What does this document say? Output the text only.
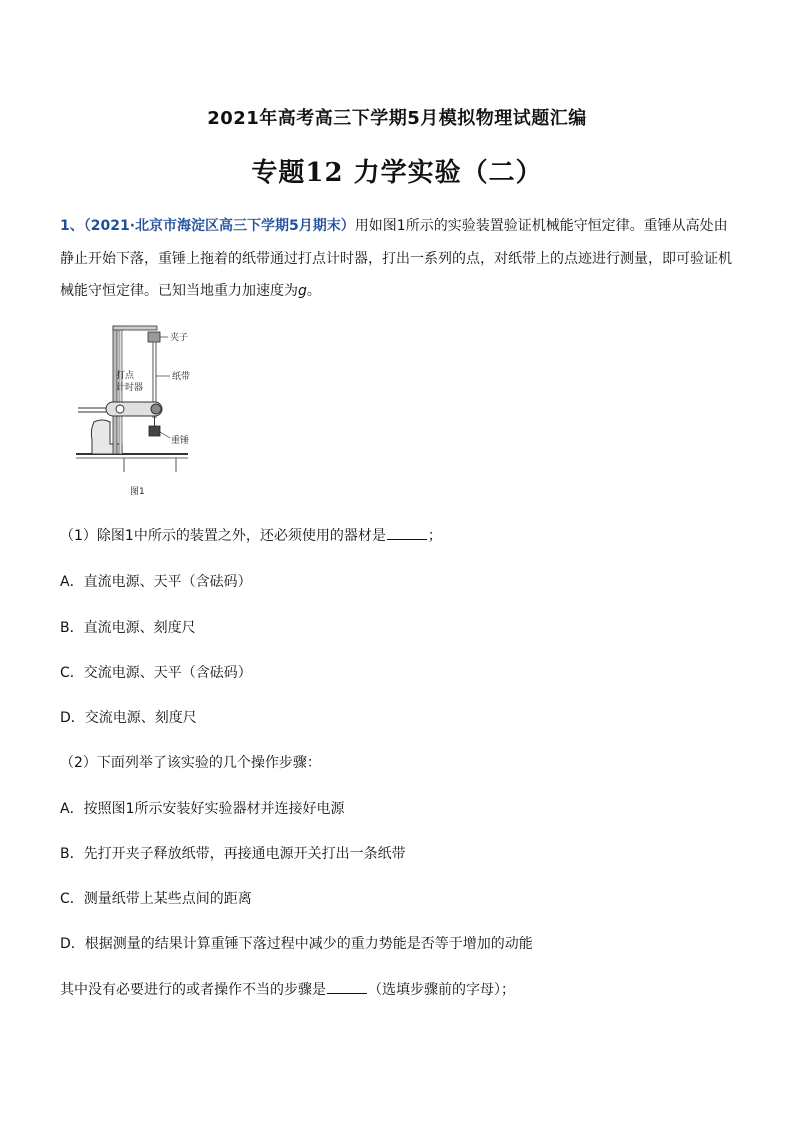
2021年高考高三下学期5月模拟物理试题汇编
专题12 力学实验（二）
1、（2021·北京市海淀区高三下学期5月期末）用如图1所示的实验装置验证机械能守恒定律。重锤从高处由静止开始下落，重锤上拖着的纸带通过打点计时器，打出一系列的点，对纸带上的点迹进行测量，即可验证机械能守恒定律。已知当地重力加速度为g。
夹子
纸带
打点
计时器
重锤
图1
（1）除图1中所示的装置之外，还必须使用的器材是	；
A．直流电源、天平（含砝码）
B．直流电源、刻度尺
C．交流电源、天平（含砝码）
D．交流电源、刻度尺
（2）下面列举了该实验的几个操作步骤：
A．按照图1所示安装好实验器材并连接好电源
B．先打开夹子释放纸带，再接通电源开关打出一条纸带
C．测量纸带上某些点间的距离
D．根据测量的结果计算重锤下落过程中减少的重力势能是否等于增加的动能
其中没有必要进行的或者操作不当的步骤是	（选填步骤前的字母）；
